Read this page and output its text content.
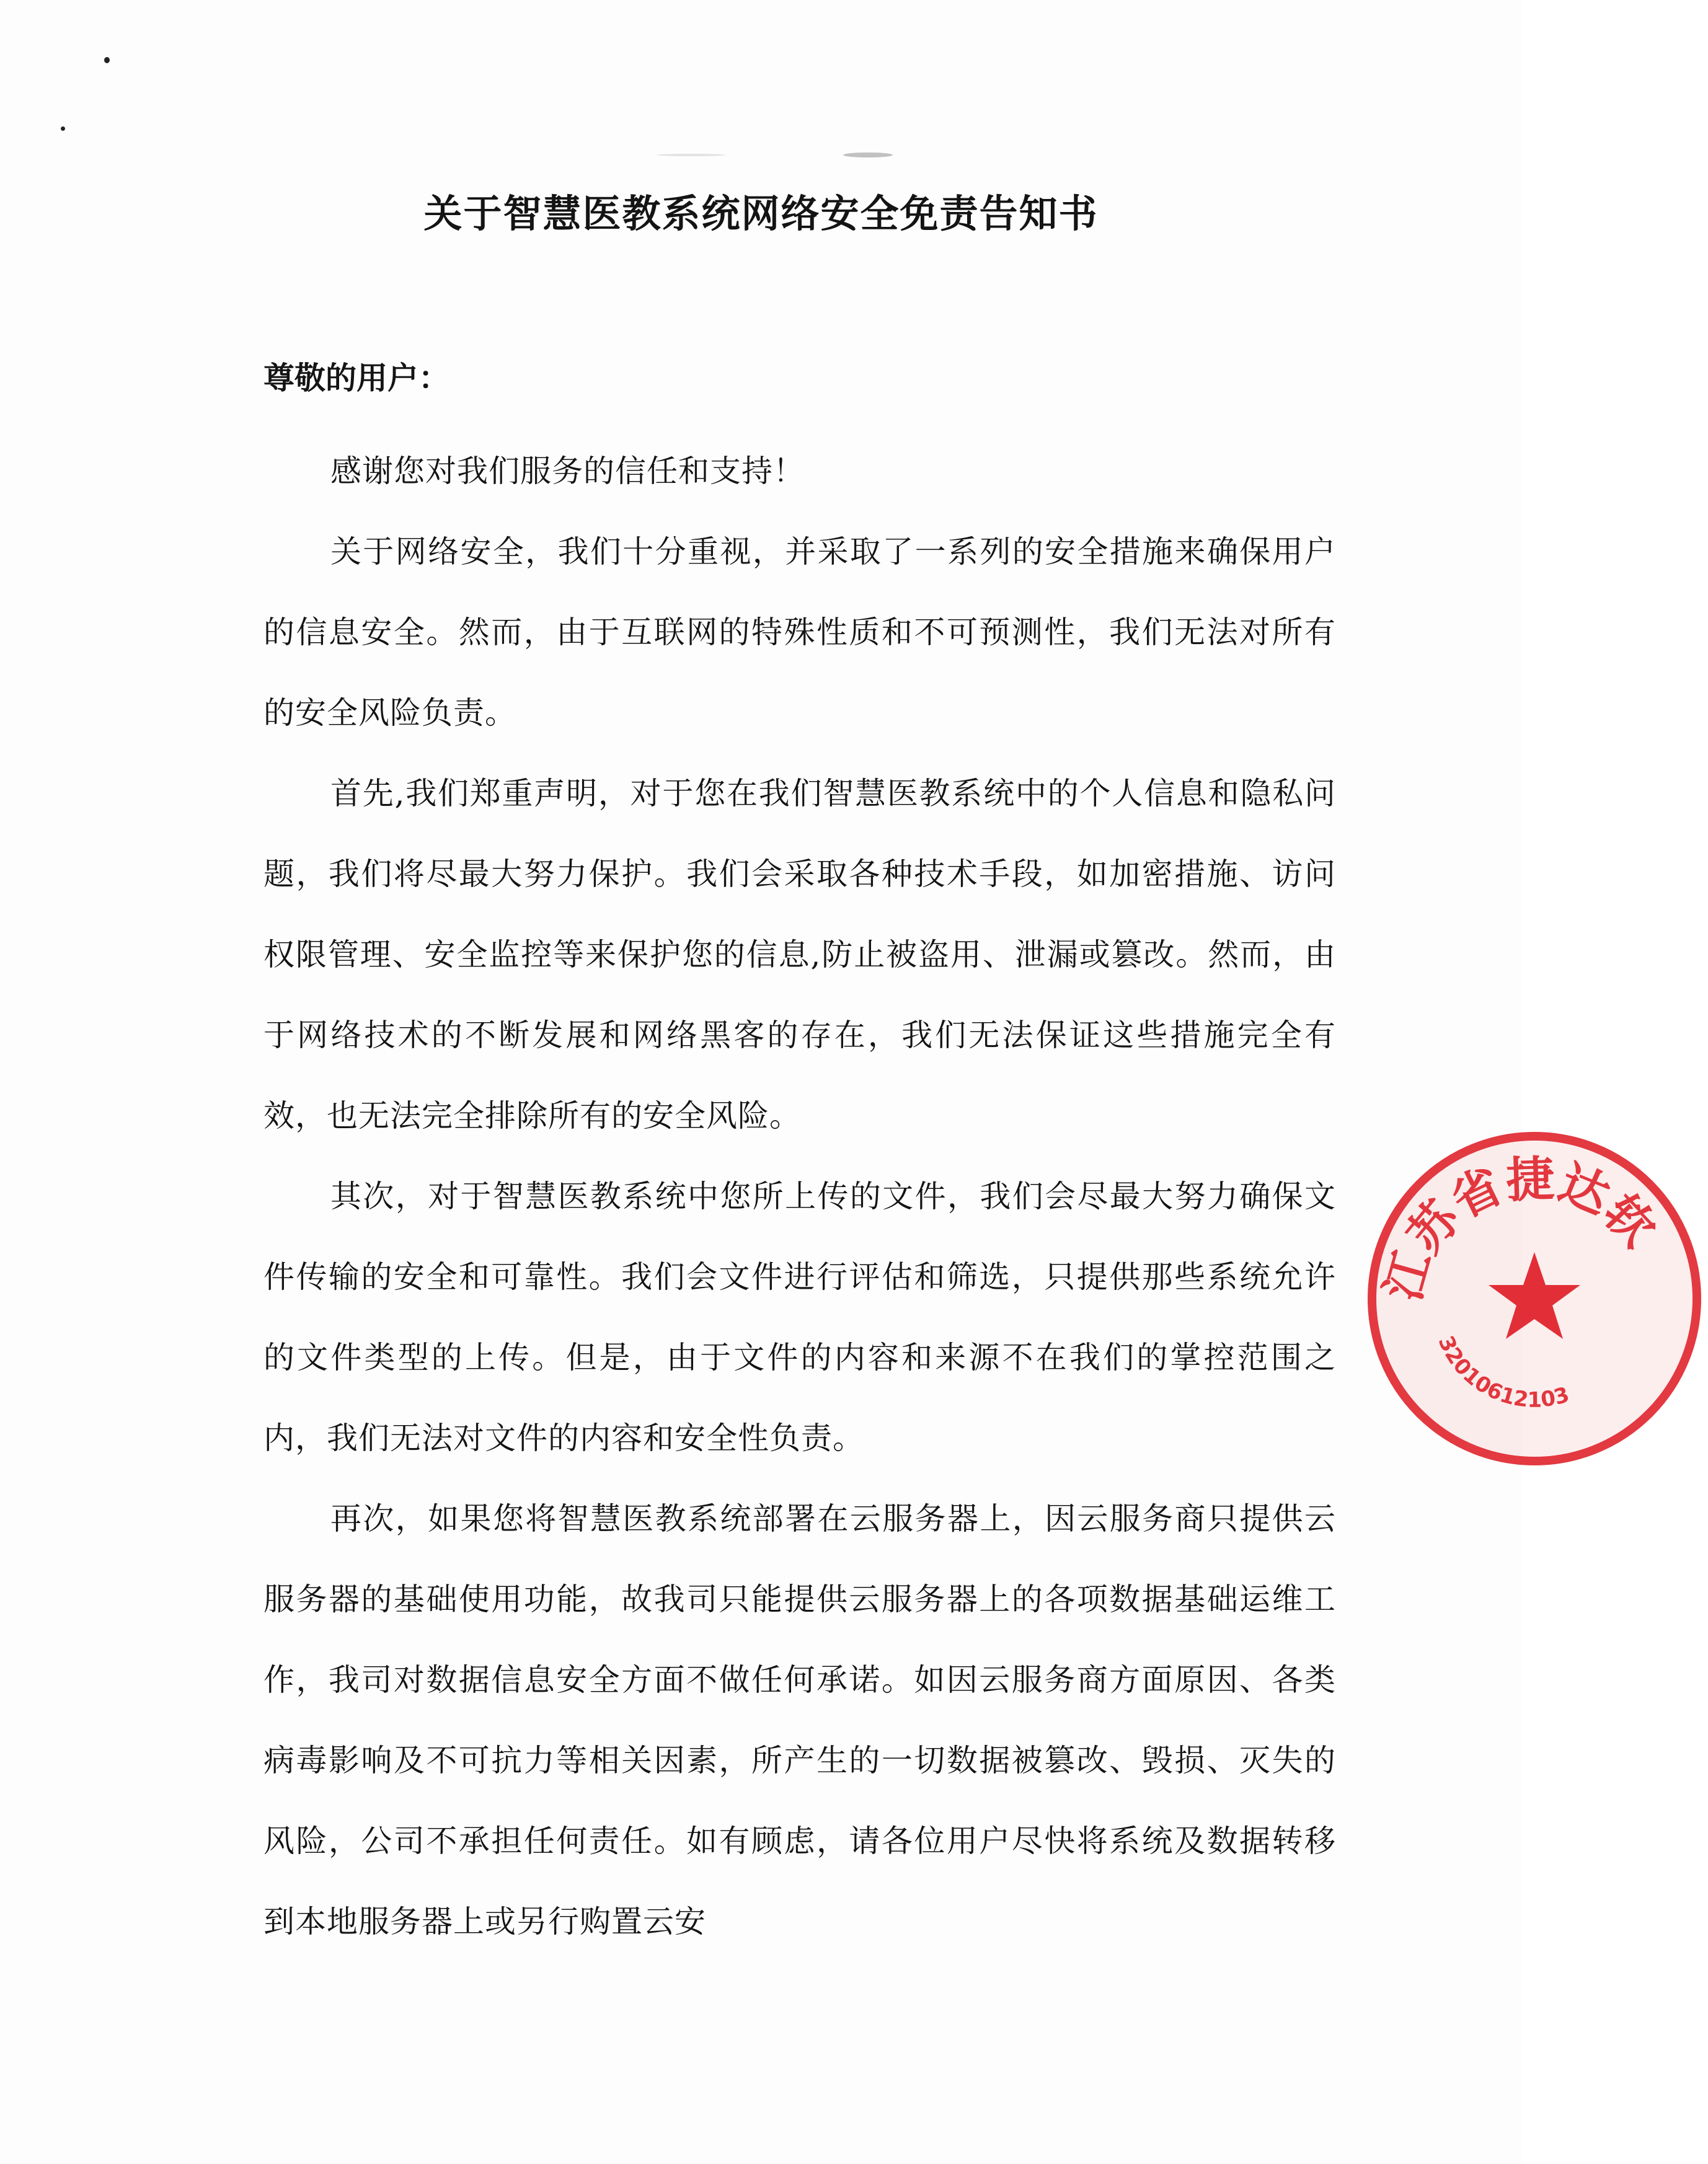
关于智慧医教系统网络安全免责告知书
尊敬的用户：

感谢您对我们服务的信任和支持！

关于网络安全，我们十分重视，并采取了一系列的安全措施来确保用户的信息安全。然而，由于互联网的特殊性质和不可预测性，我们无法对所有的安全风险负责。

首先,我们郑重声明，对于您在我们智慧医教系统中的个人信息和隐私问题，我们将尽最大努力保护。我们会采取各种技术手段，如加密措施、访问权限管理、安全监控等来保护您的信息,防止被盗用、泄漏或篡改。然而，由于网络技术的不断发展和网络黑客的存在，我们无法保证这些措施完全有效，也无法完全排除所有的安全风险。

其次，对于智慧医教系统中您所上传的文件，我们会尽最大努力确保文件传输的安全和可靠性。我们会文件进行评估和筛选，只提供那些系统允许的文件类型的上传。但是，由于文件的内容和来源不在我们的掌控范围之内，我们无法对文件的内容和安全性负责。

再次，如果您将智慧医教系统部署在云服务器上，因云服务商只提供云服务器的基础使用功能，故我司只能提供云服务器上的各项数据基础运维工作，我司对数据信息安全方面不做任何承诺。如因云服务商方面原因、各类病毒影响及不可抗力等相关因素，所产生的一切数据被篡改、毁损、灭失的风险，公司不承担任何责任。如有顾虑，请各位用户尽快将系统及数据转移到本地服务器上或另行购置云安

江苏省捷达软
32010612103
